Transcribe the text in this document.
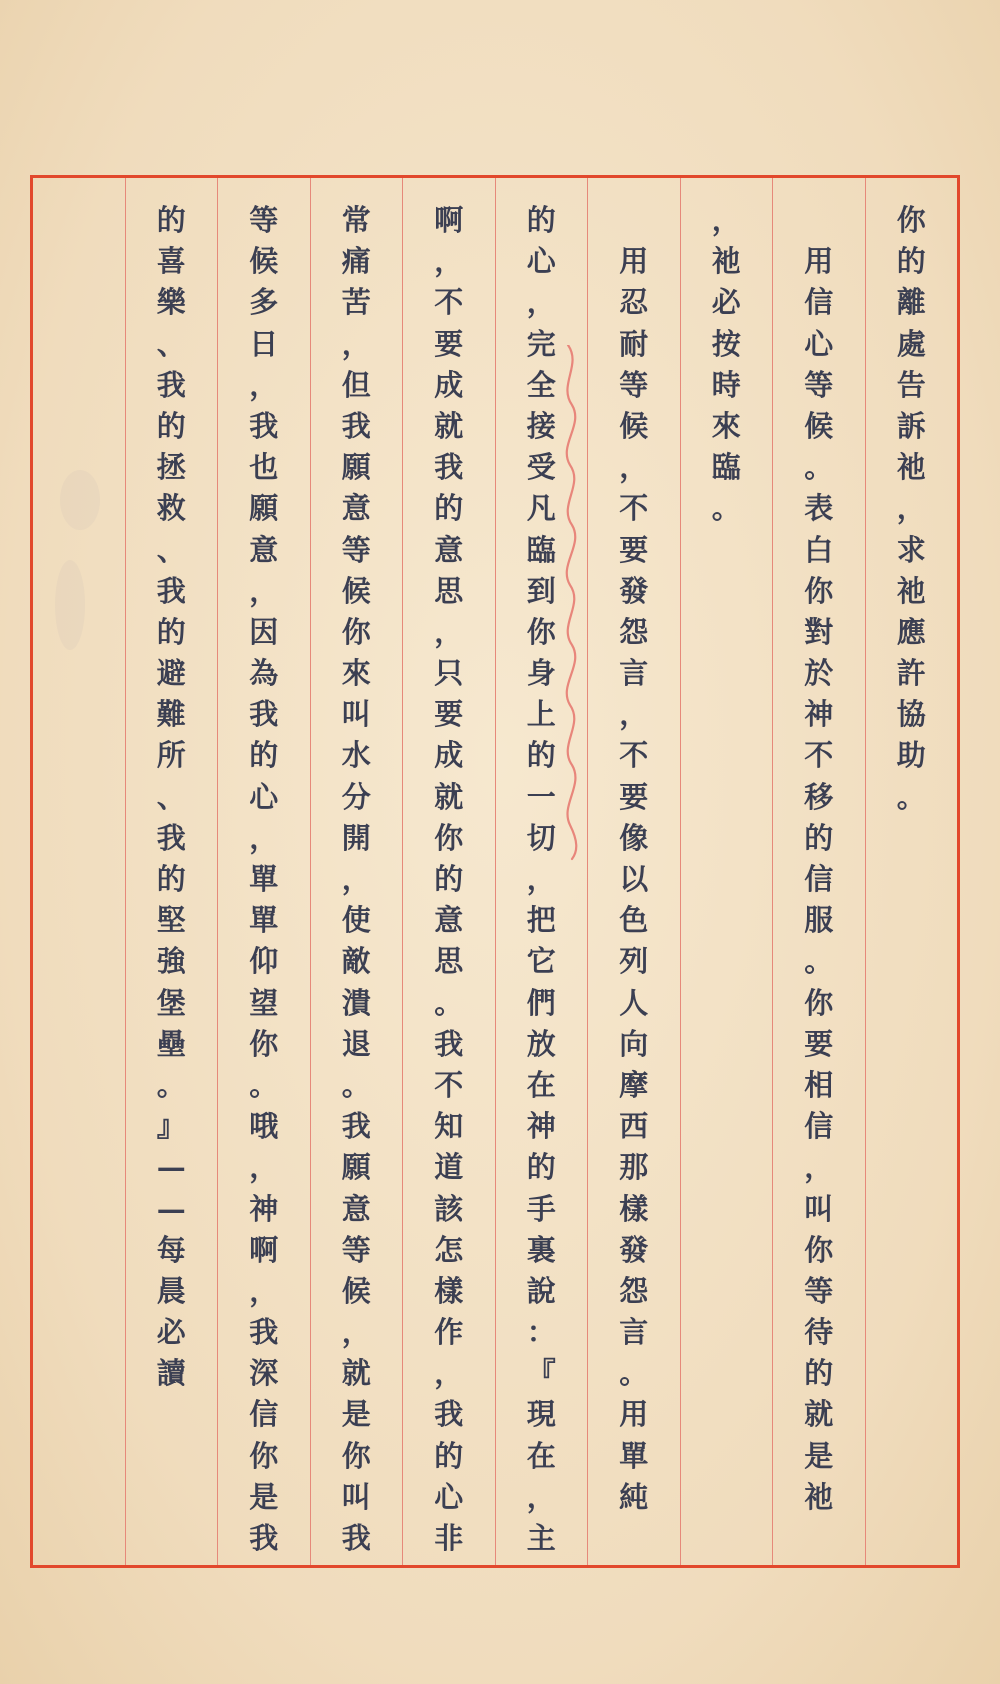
你
的
離
處
告
訴
祂
，
求
祂
應
許
協
助
。

用
信
心
等
候
。
表
白
你
對
於
神
不
移
的
信
服
。
你
要
相
信
，
叫
你
等
待
的
就
是
祂
，
祂
必
按
時
來
臨
。

用
忍
耐
等
候
，
不
要
發
怨
言
，
不
要
像
以
色
列
人
向
摩
西
那
樣
發
怨
言
。
用
單
純
的
心
，
完
全
接
受
凡
臨
到
你
身
上
的
一
切
，
把
它
們
放
在
神
的
手
裏
說
：
『
現
在
，
主
啊
，
不
要
成
就
我
的
意
思
，
只
要
成
就
你
的
意
思
。
我
不
知
道
該
怎
樣
作
，
我
的
心
非
常
痛
苦
，
但
我
願
意
等
候
你
來
叫
水
分
開
，
使
敵
潰
退
。
我
願
意
等
候
，
就
是
你
叫
我
等
候
多
日
，
我
也
願
意
，
因
為
我
的
心
，
單
單
仰
望
你
。
哦
，
神
啊
，
我
深
信
你
是
我
的
喜
樂
、
我
的
拯
救
、
我
的
避
難
所
、
我
的
堅
強
堡
壘
。
』
—
—
每
晨
必
讀
